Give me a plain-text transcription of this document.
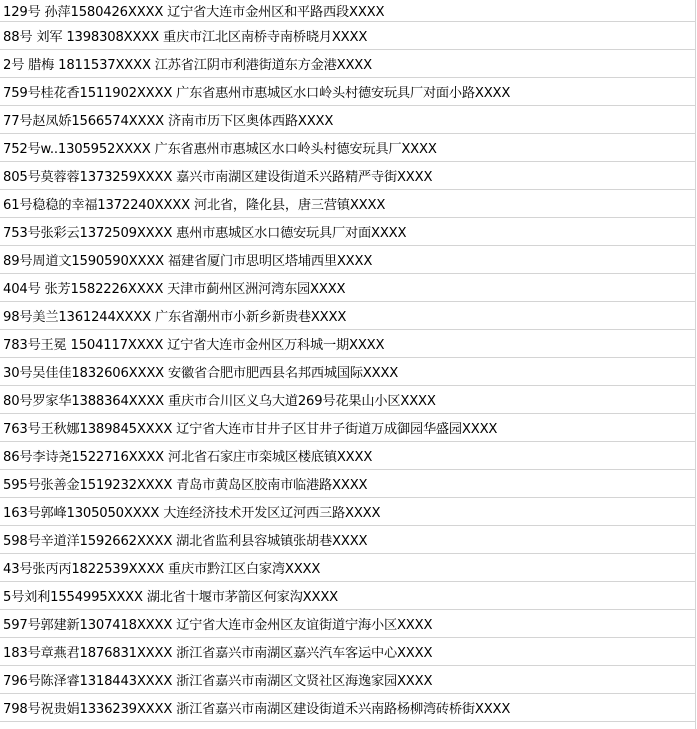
129号 孙萍1580426XXXX 辽宁省大连市金州区和平路西段XXXX
88号 刘军 1398308XXXX 重庆市江北区南桥寺南桥晓月XXXX
2号 腊梅 1811537XXXX 江苏省江阴市利港街道东方金港XXXX
759号桂花香1511902XXXX 广东省惠州市惠城区水口岭头村德安玩具厂对面小路XXXX
77号赵凤娇1566574XXXX 济南市历下区奥体西路XXXX
752号w..1305952XXXX 广东省惠州市惠城区水口岭头村德安玩具厂XXXX
805号莫蓉蓉1373259XXXX 嘉兴市南湖区建设街道禾兴路精严寺街XXXX
61号稳稳的幸福1372240XXXX 河北省，隆化县，唐三营镇XXXX
753号张彩云1372509XXXX 惠州市惠城区水口德安玩具厂对面XXXX
89号周道文1590590XXXX 福建省厦门市思明区塔埔西里XXXX
404号 张芳1582226XXXX 天津市蓟州区洲河湾东园XXXX
98号美兰1361244XXXX 广东省潮州市小新乡新贵巷XXXX
783号王冕 1504117XXXX 辽宁省大连市金州区万科城一期XXXX
30号吴佳佳1832606XXXX 安徽省合肥市肥西县名邦西城国际XXXX
80号罗家华1388364XXXX 重庆市合川区义乌大道269号花果山小区XXXX
763号王秋娜1389845XXXX 辽宁省大连市甘井子区甘井子街道万成御园华盛园XXXX
86号李诗尧1522716XXXX 河北省石家庄市栾城区楼底镇XXXX
595号张善金1519232XXXX 青岛市黄岛区胶南市临港路XXXX
163号郭峰1305050XXXX 大连经济技术开发区辽河西三路XXXX
598号辛道洋1592662XXXX 湖北省监利县容城镇张胡巷XXXX
43号张丙丙1822539XXXX 重庆市黔江区白家湾XXXX
5号刘利1554995XXXX 湖北省十堰市茅箭区何家沟XXXX
597号郭建新1307418XXXX 辽宁省大连市金州区友谊街道宁海小区XXXX
183号章燕君1876831XXXX 浙江省嘉兴市南湖区嘉兴汽车客运中心XXXX
796号陈泽睿1318443XXXX 浙江省嘉兴市南湖区文贤社区海逸家园XXXX
798号祝贵娟1336239XXXX 浙江省嘉兴市南湖区建设街道禾兴南路杨柳湾砖桥街XXXX
